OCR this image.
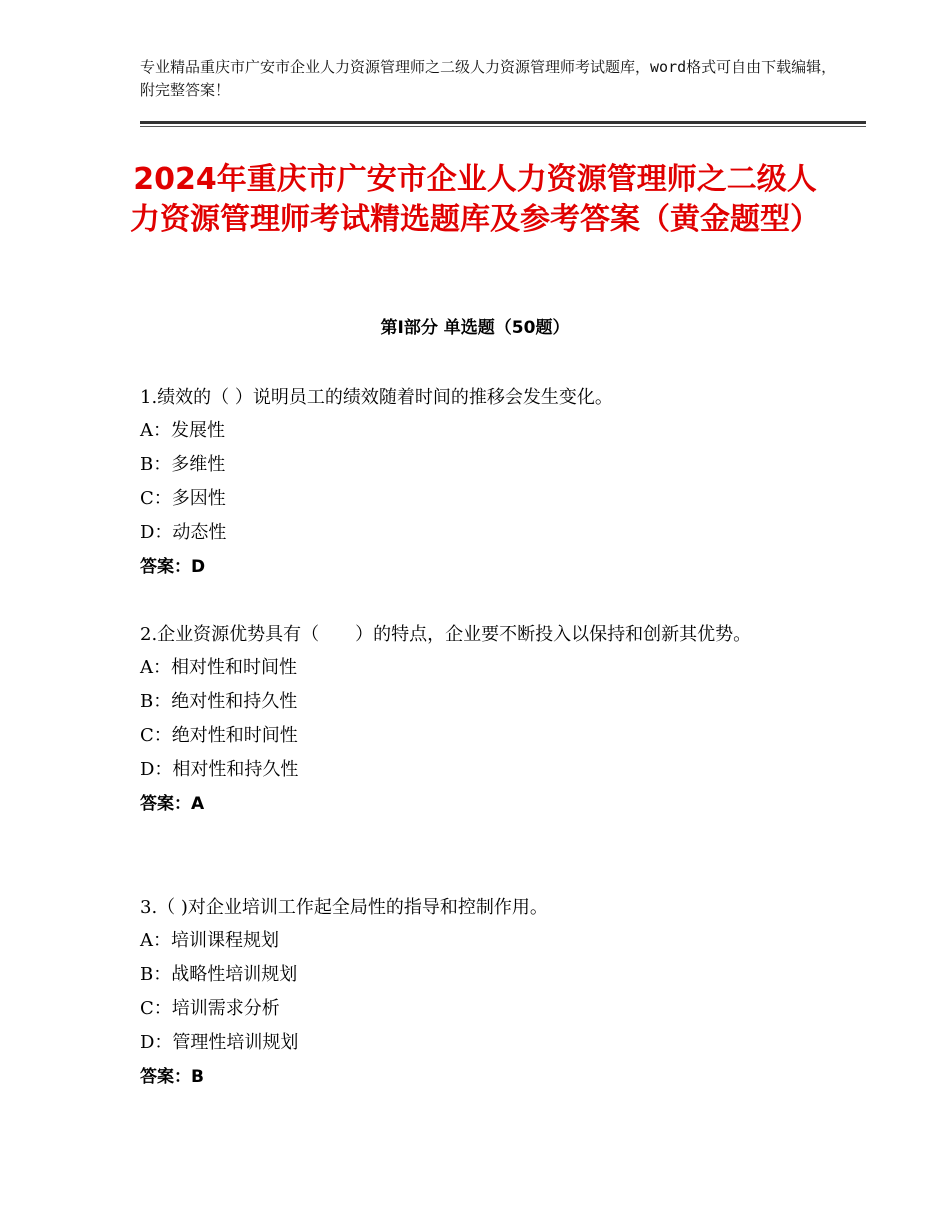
专业精品重庆市广安市企业人力资源管理师之二级人力资源管理师考试题库，word格式可自由下载编辑，附完整答案！
2024年重庆市广安市企业人力资源管理师之二级人力资源管理师考试精选题库及参考答案（黄金题型）
第Ⅰ部分 单选题（50题）

1.绩效的（ ）说明员工的绩效随着时间的推移会发生变化。

A：发展性

B：多维性

C：多因性

D：动态性

答案：D

2.企业资源优势具有（　　）的特点，企业要不断投入以保持和创新其优势。

A：相对性和时间性

B：绝对性和持久性

C：绝对性和时间性

D：相对性和持久性

答案：A

3.（ )对企业培训工作起全局性的指导和控制作用。

A：培训课程规划

B：战略性培训规划

C：培训需求分析

D：管理性培训规划

答案：B
